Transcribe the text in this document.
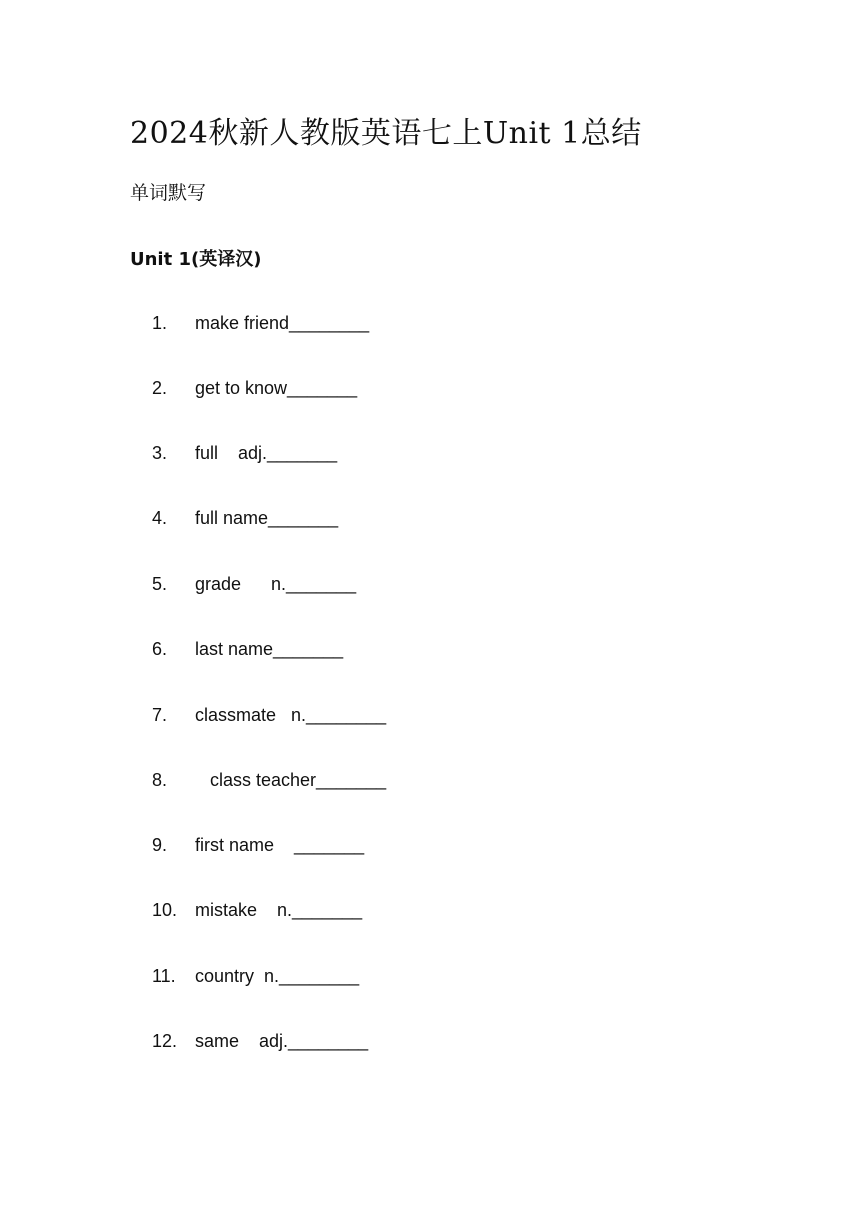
2024秋新人教版英语七上Unit 1总结
单词默写
Unit 1(英译汉)

1.

make friend________

2.

get to know_______

3.

full    adj._______

4.

full name_______

5.

grade      n._______

6.

last name_______

7.

classmate   n.________

8.

class teacher_______

9.

first name    _______

10.

mistake    n._______

11.

country  n.________

12.

same    adj.________
